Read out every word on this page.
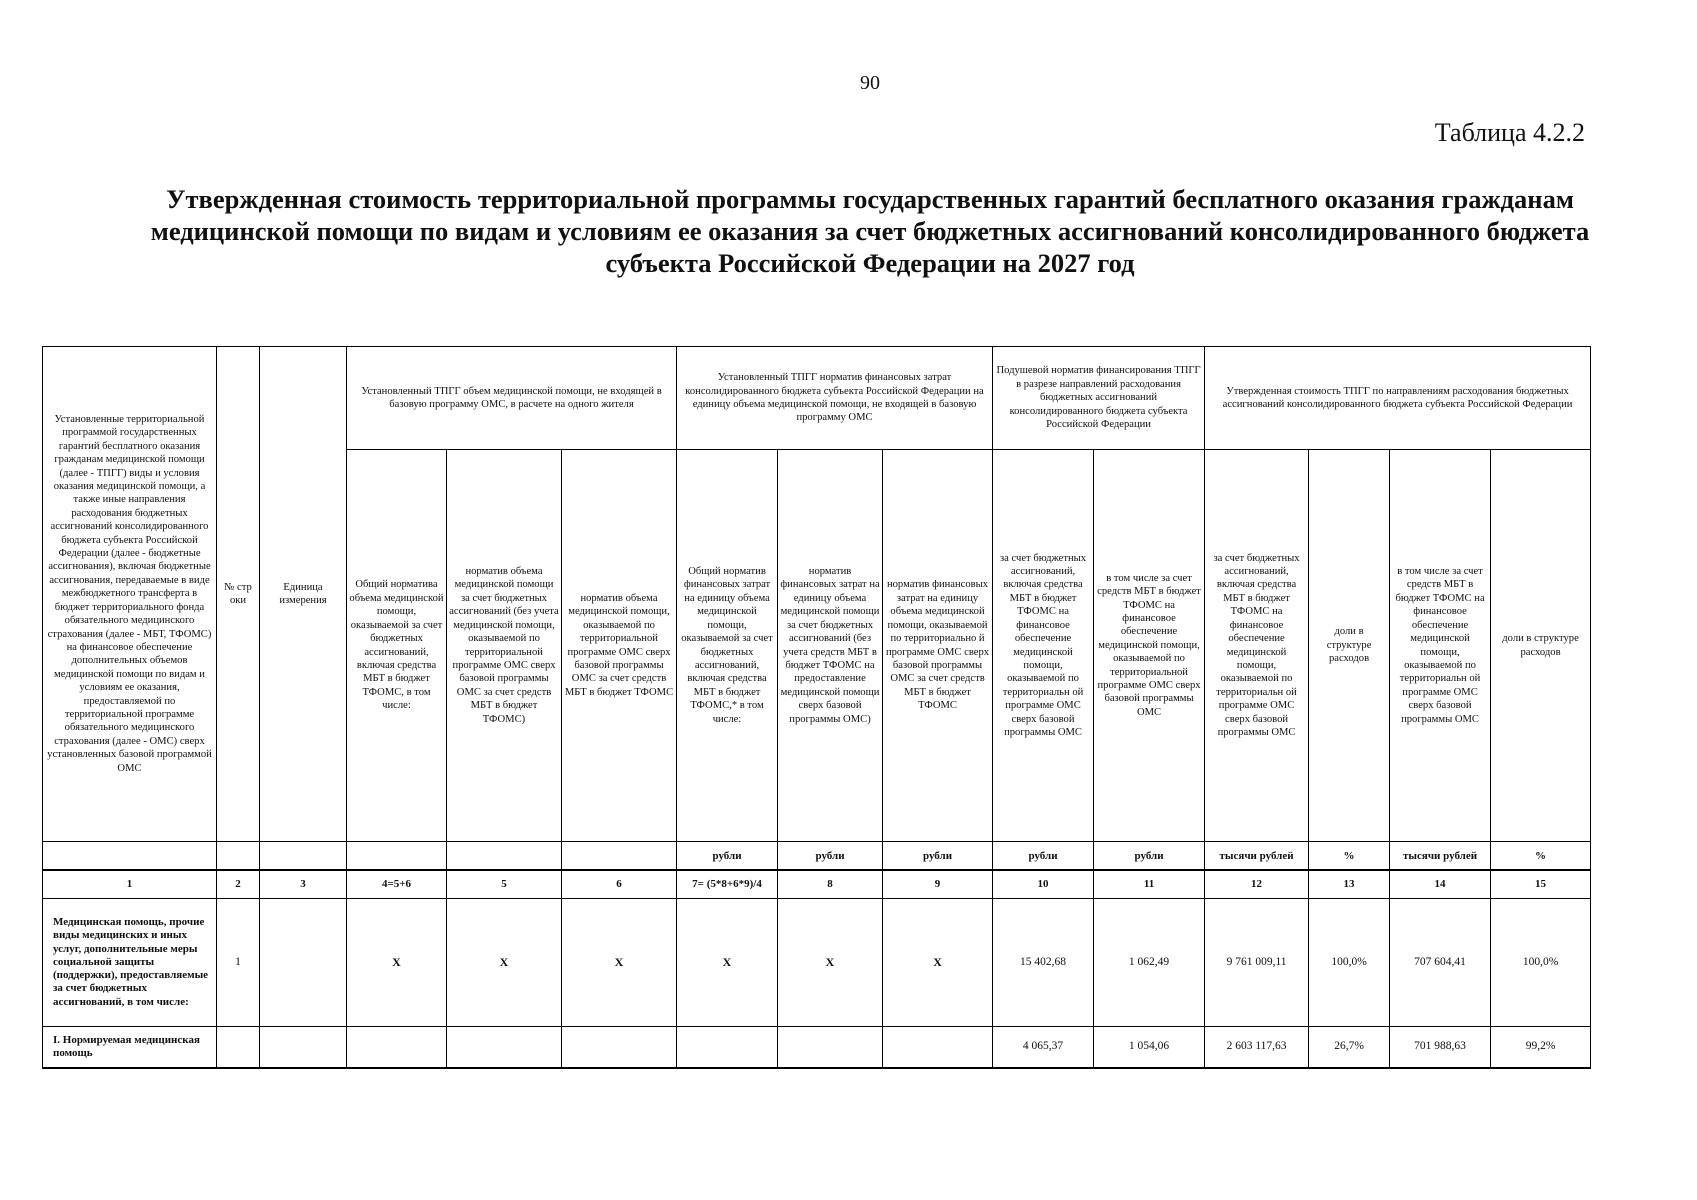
90
Таблица 4.2.2
Утвержденная стоимость территориальной программы государственных гарантий бесплатного оказания гражданам медицинской помощи по видам и условиям ее оказания за счет бюджетных ассигнований консолидированного бюджета субъекта Российской Федерации на 2027 год
Установленные территориальной программой государственных гарантий бесплатного оказания гражданам медицинской помощи (далее - ТПГГ) виды и условия оказания медицинской помощи, а также иные направления расходования бюджетных ассигнований консолидированного бюджета субъекта Российской Федерации (далее - бюджетные ассигнования), включая бюджетные ассигнования, передаваемые в виде межбюджетного трансферта в бюджет территориального фонда обязательного медицинского страхования (далее - МБТ, ТФОМС) на финансовое обеспечение дополнительных объемов медицинской помощи по видам и условиям ее оказания, предоставляемой по территориальной программе обязательного медицинского страхования (далее - ОМС) сверх установленных базовой программой ОМС	№ стр оки	Единица измерения	Установленный ТПГГ объем медицинской помощи, не входящей в базовую программу ОМС, в расчете на одного жителя			Установленный ТПГГ норматив финансовых затрат консолидированного бюджета субъекта Российской Федерации на единицу объема медицинской помощи, не входящей в базовую программу ОМС			Подушевой норматив финансирования ТПГГ в разрезе направлений расходования бюджетных ассигнований консолидированного бюджета субъекта Российской Федерации		Утвержденная стоимость ТПГГ по направлениям расходования бюджетных ассигнований консолидированного бюджета субъекта Российской Федерации			
			Общий норматива объема медицинской помощи, оказываемой за счет бюджетных ассигнований, включая средства МБТ в бюджет ТФОМС, в том числе:	норматив объема медицинской помощи за счет бюджетных ассигнований (без учета медицинской помощи, оказываемой по территориальной программе ОМС сверх базовой программы ОМС за счет средств МБТ в бюджет ТФОМС)	норматив объема медицинской помощи, оказываемой по территориальной программе ОМС сверх базовой программы ОМС за счет средств МБТ в бюджет ТФОМС	Общий норматив финансовых затрат на единицу объема медицинской помощи, оказываемой за счет бюджетных ассигнований, включая средства МБТ в бюджет ТФОМС,* в том числе:	норматив финансовых затрат на единицу объема медицинской помощи за счет бюджетных ассигнований (без учета средств МБТ в бюджет ТФОМС на предоставление медицинской помощи сверх базовой программы ОМС)	норматив финансовых затрат на единицу объема медицинской помощи, оказываемой по территориально й программе ОМС сверх базовой программы ОМС за счет средств МБТ в бюджет ТФОМС	за счет бюджетных ассигнований, включая средства МБТ в бюджет ТФОМС на финансовое обеспечение медицинской помощи, оказываемой по территориальн ой программе ОМС сверх базовой программы ОМС	в том числе за счет средств МБТ в бюджет ТФОМС на финансовое обеспечение медицинской помощи, оказываемой по территориальной программе ОМС сверх базовой программы ОМС	за счет бюджетных ассигнований, включая средства МБТ в бюджет ТФОМС на финансовое обеспечение медицинской помощи, оказываемой по территориальн ой программе ОМС сверх базовой программы ОМС	доли в структуре расходов	в том числе за счет средств МБТ в бюджет ТФОМС на финансовое обеспечение медицинской помощи, оказываемой по территориальн ой программе ОМС сверх базовой программы ОМС	доли в структуре расходов
						рубли	рубли	рубли	рубли	рубли	тысячи рублей	%	тысячи рублей	%
1	2	3	4=5+6	5	6	7= (5*8+6*9)/4	8	9	10	11	12	13	14	15
Медицинская помощь, прочие виды медицинских и иных услуг, дополнительные меры социальной защиты (поддержки), предоставляемые за счет бюджетных ассигнований, в том числе:	1		X	X	X	X	X	X	15 402,68	1 062,49	9 761 009,11	100,0%	707 604,41	100,0%
I. Нормируемая медицинская помощь									4 065,37	1 054,06	2 603 117,63	26,7%	701 988,63	99,2%
